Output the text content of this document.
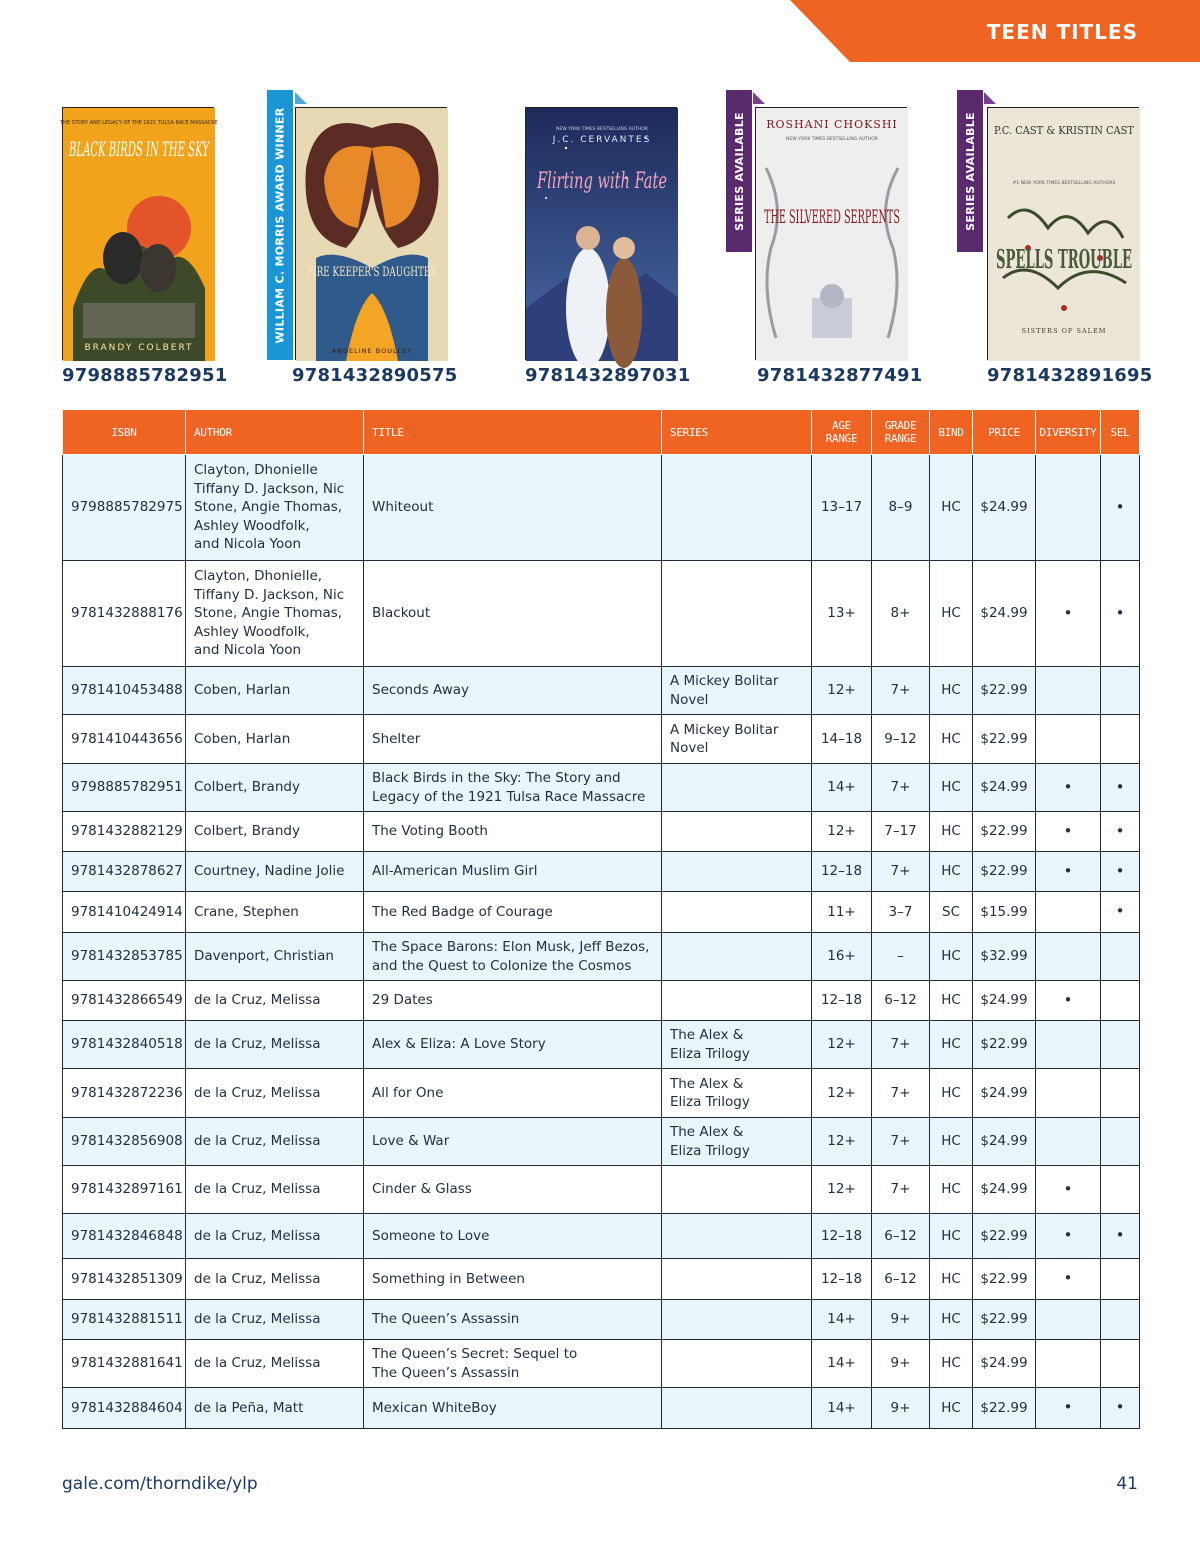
TEEN TITLES
THE STORY AND LEGACY OF THE 1921 TULSA RACE MASSACRE
BLACK BIRDS IN THE SKY
BRANDY COLBERT
9798885782951
WILLIAM C. MORRIS AWARD WINNER FIRE KEEPER'S DAUGHTER
ANGELINE BOULLEY
9781432890575
NEW YORK TIMES BESTSELLING AUTHOR
J.C. CERVANTES
Flirting with Fate
9781432897031
SERIES AVAILABLE ROSHANI CHOKSHI
NEW YORK TIMES BESTSELLING AUTHOR
THE SILVERED SERPENTS
9781432877491
SERIES AVAILABLE P.C. CAST & KRISTIN CAST
#1 NEW YORK TIMES BESTSELLING AUTHORS
SPELLS TROUBLE
SISTERS OF SALEM
9781432891695
ISBN	AUTHOR	TITLE	SERIES	AGE
RANGE	GRADE
RANGE	BIND	PRICE	DIVERSITY	SEL
9798885782975	Clayton, Dhonielle
Tiffany D. Jackson, Nic
Stone, Angie Thomas,
Ashley Woodfolk,
and Nicola Yoon	Whiteout		13–17	8–9	HC	$24.99		•
9781432888176	Clayton, Dhonielle,
Tiffany D. Jackson, Nic
Stone, Angie Thomas,
Ashley Woodfolk,
and Nicola Yoon	Blackout		13+	8+	HC	$24.99	•	•
9781410453488	Coben, Harlan	Seconds Away	A Mickey Bolitar
Novel	12+	7+	HC	$22.99		
9781410443656	Coben, Harlan	Shelter	A Mickey Bolitar
Novel	14–18	9–12	HC	$22.99		
9798885782951	Colbert, Brandy	Black Birds in the Sky: The Story and
Legacy of the 1921 Tulsa Race Massacre		14+	7+	HC	$24.99	•	•
9781432882129	Colbert, Brandy	The Voting Booth		12+	7–17	HC	$22.99	•	•
9781432878627	Courtney, Nadine Jolie	All-American Muslim Girl		12–18	7+	HC	$22.99	•	•
9781410424914	Crane, Stephen	The Red Badge of Courage		11+	3–7	SC	$15.99		•
9781432853785	Davenport, Christian	The Space Barons: Elon Musk, Jeff Bezos,
and the Quest to Colonize the Cosmos		16+	–	HC	$32.99		
9781432866549	de la Cruz, Melissa	29 Dates		12–18	6–12	HC	$24.99	•	
9781432840518	de la Cruz, Melissa	Alex & Eliza: A Love Story	The Alex &
Eliza Trilogy	12+	7+	HC	$22.99		
9781432872236	de la Cruz, Melissa	All for One	The Alex &
Eliza Trilogy	12+	7+	HC	$24.99		
9781432856908	de la Cruz, Melissa	Love & War	The Alex &
Eliza Trilogy	12+	7+	HC	$24.99		
9781432897161	de la Cruz, Melissa	Cinder & Glass		12+	7+	HC	$24.99	•	
9781432846848	de la Cruz, Melissa	Someone to Love		12–18	6–12	HC	$22.99	•	•
9781432851309	de la Cruz, Melissa	Something in Between		12–18	6–12	HC	$22.99	•	
9781432881511	de la Cruz, Melissa	The Queen’s Assassin		14+	9+	HC	$22.99		
9781432881641	de la Cruz, Melissa	The Queen’s Secret: Sequel to
The Queen’s Assassin		14+	9+	HC	$24.99		
9781432884604	de la Peña, Matt	Mexican WhiteBoy		14+	9+	HC	$22.99	•	•
gale.com/thorndike/ylp	41
